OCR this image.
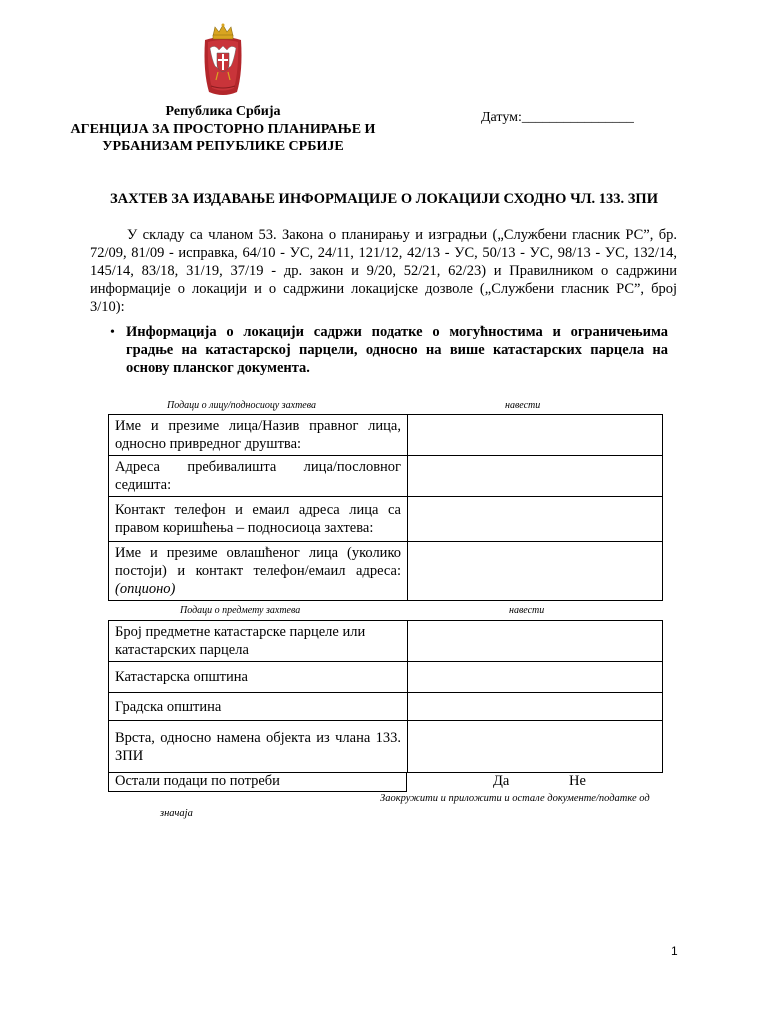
Република Србија
АГЕНЦИЈА ЗА ПРОСТОРНО ПЛАНИРАЊЕ И
УРБАНИЗАМ РЕПУБЛИКЕ СРБИЈЕ
Датум:________________
ЗАХТЕВ ЗА ИЗДАВАЊЕ ИНФОРМАЦИЈЕ О ЛОКАЦИЈИ СХОДНО ЧЛ. 133. ЗПИ

У складу са чланом 53. Закона о планирању и изградњи („Службени гласник РС”, бр. 72/09, 81/09 - исправка, 64/10 - УС, 24/11, 121/12, 42/13 - УС, 50/13 - УС, 98/13 - УС, 132/14, 145/14, 83/18, 31/19, 37/19 - др. закон и 9/20, 52/21, 62/23) и Правилником о садржини информације о локацији и о садржини локацијске дозволе („Службени гласник РС”, број 3/10):

• Информација о локацији садржи податке о могућностима и ограничењима градње на катастарској парцели, односно на више катастарских парцела на основу планског документа.

Подаци о лицу/подносиоцу захтева	навести
Име и презиме лица/Назив правног лица, односно привредног друштва:	
Адреса пребивалишта лица/пословног седишта:	
Контакт телефон и емаил адреса лица са правом коришћења – подносиоца захтева:	
Име и презиме овлашћеног лица (уколико постоји) и контакт телефон/емаил адреса: (опционо)	
Подаци о предмету захтева	навести
Број предметне катастарске парцеле или катастарских парцела	
Катастарска општина	
Градска општина	
Врста, односно намена објекта из члана 133. ЗПИ	
Остали подаци по потреби	Да	Не
Заокружити и приложити и остале документе/податке од
значаја
1
